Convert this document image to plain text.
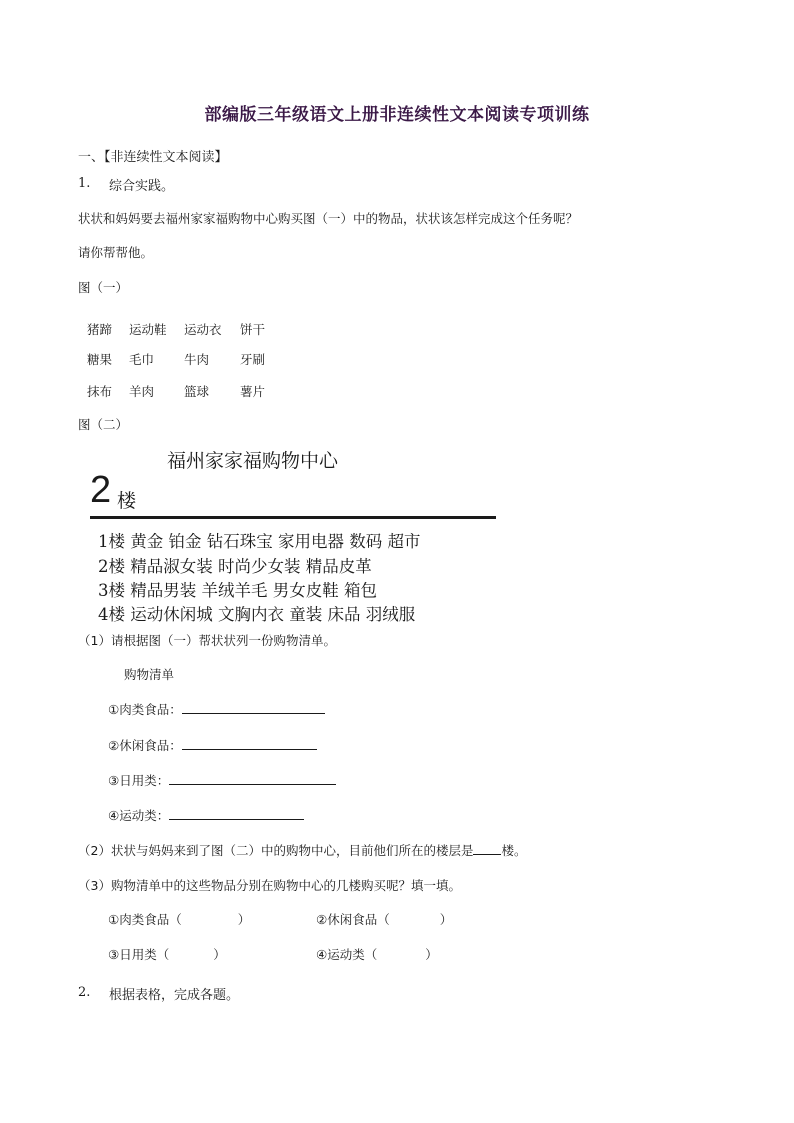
部编版三年级语文上册非连续性文本阅读专项训练
一、【非连续性文本阅读】
1. 综合实践。
状状和妈妈要去福州家家福购物中心购买图（一）中的物品，状状该怎样完成这个任务呢？
请你帮帮他。
图（一）
猪蹄 运动鞋 运动衣 饼干
糖果 毛巾 牛肉 牙刷
抹布 羊肉 篮球 薯片
图（二）
福州家家福购物中心
2 楼
1楼 黄金 铂金 钻石珠宝 家用电器 数码 超市
2楼 精品淑女装 时尚少女装 精品皮革
3楼 精品男装 羊绒羊毛 男女皮鞋 箱包
4楼 运动休闲城 文胸内衣 童装 床品 羽绒服
（1）请根据图（一）帮状状列一份购物清单。
购物清单
①肉类食品：
②休闲食品：
③日用类：
④运动类：
（2）状状与妈妈来到了图（二）中的购物中心，目前他们所在的楼层是 楼。
（3）购物清单中的这些物品分别在购物中心的几楼购买呢？填一填。
①肉类食品（	）	②休闲食品（	）
③日用类（	）	④运动类（	）
2. 根据表格，完成各题。
